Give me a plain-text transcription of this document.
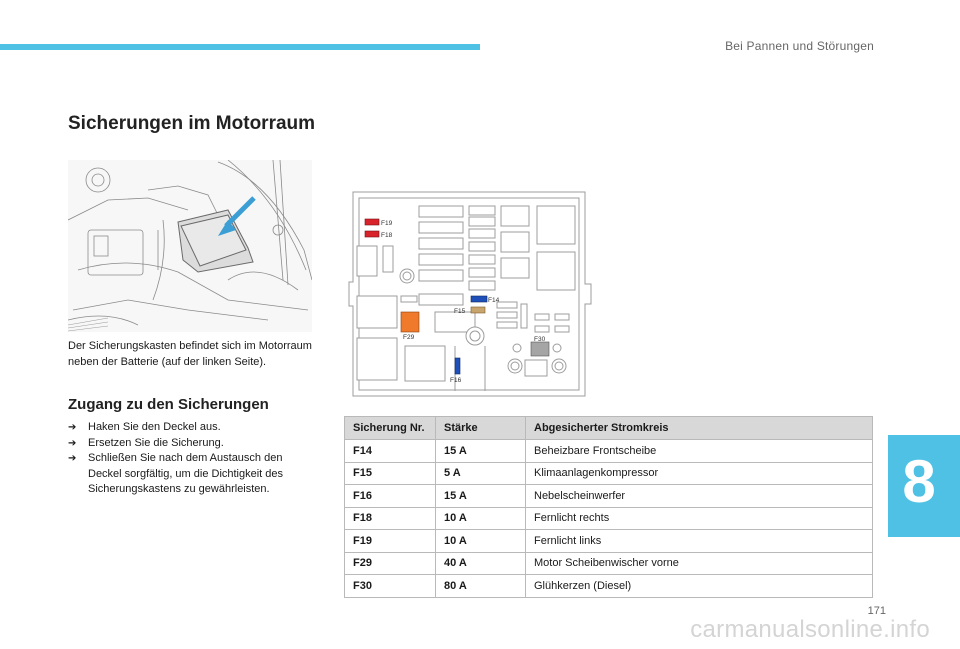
Bei Pannen und Störungen
Sicherungen im Motorraum
Der Sicherungskasten befindet sich im Motorraum neben der Batterie (auf der linken Seite).
Zugang zu den Sicherungen
➔ Haken Sie den Deckel aus.
➔ Ersetzen Sie die Sicherung.
➔ Schließen Sie nach dem Austausch den Deckel sorgfältig, um die Dichtigkeit des Sicherungskastens zu gewährleisten.
F19
F18
F14
F15
F29	F30
F16
Sicherung Nr.	Stärke	Abgesicherter Stromkreis
F14	15 A	Beheizbare Frontscheibe
F15	5 A	Klimaanlagenkompressor
F16	15 A	Nebelscheinwerfer
F18	10 A	Fernlicht rechts
F19	10 A	Fernlicht links
F29	40 A	Motor Scheibenwischer vorne
F30	80 A	Glühkerzen (Diesel)
8
171
carmanualsonline.info
